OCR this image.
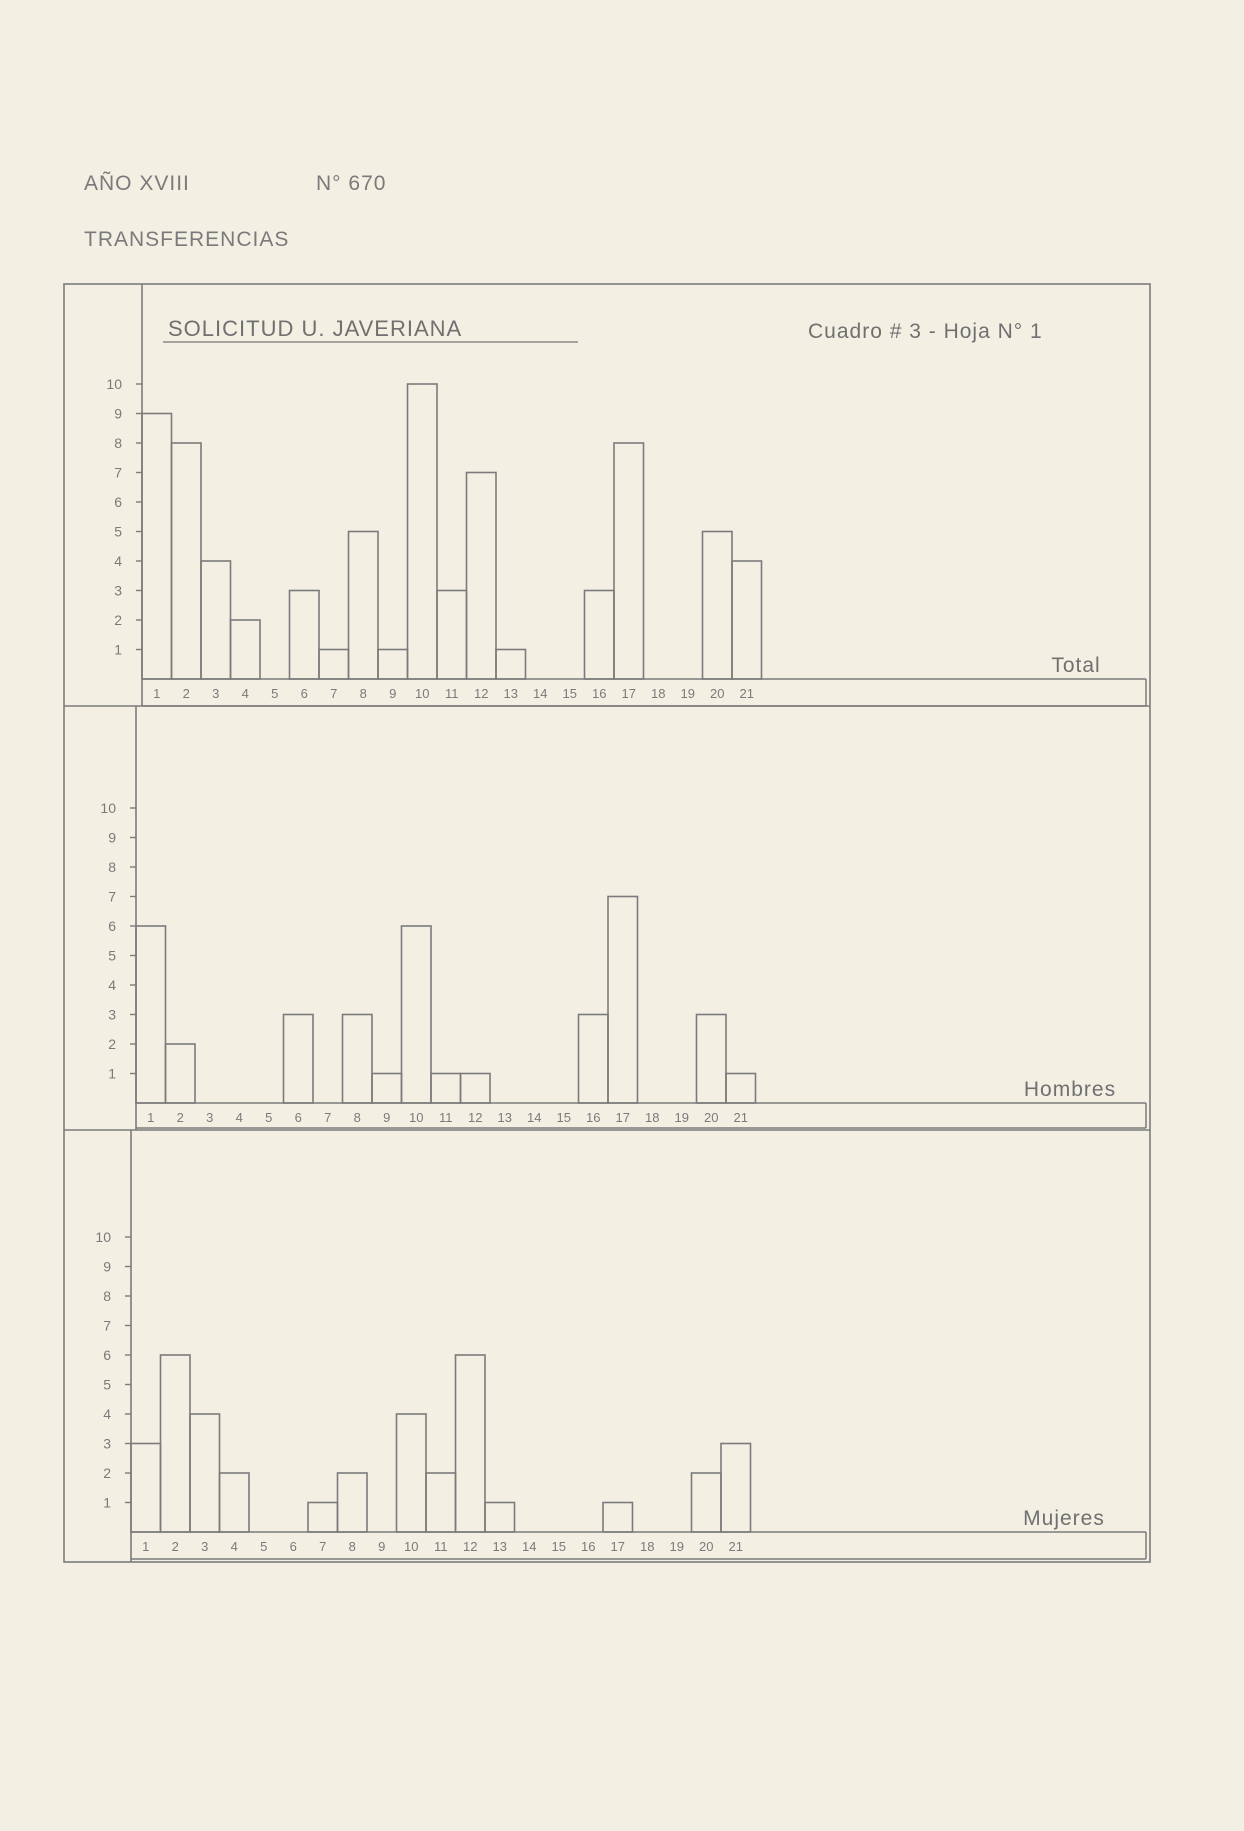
AÑO XVIII	N° 670
TRANSFERENCIAS
SOLICITUD U. JAVERIANA	Cuadro # 3 - Hoja N° 1
1
2
3
4
5
6
7
8
9
10
1 2 3 4 5 6 7 8 9 10 11 12 13 14 15 16 17 18 19 20 21
Total
1
2
3
4
5
6
7
8
9
10
1 2 3 4 5 6 7 8 9 10 11 12 13 14 15 16 17 18 19 20 21
Hombres
1
2
3
4
5
6
7
8
9
10
1 2 3 4 5 6 7 8 9 10 11 12 13 14 15 16 17 18 19 20 21
Mujeres
